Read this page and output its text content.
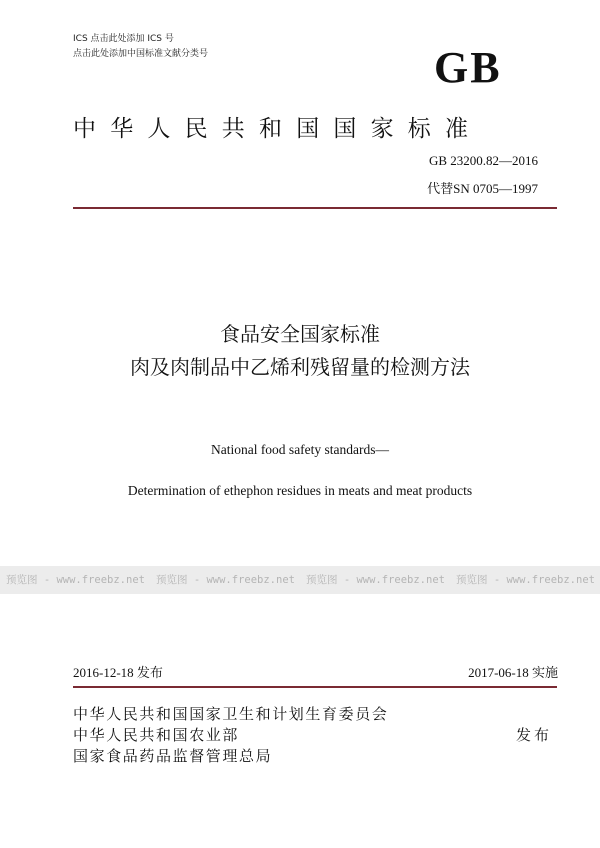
ICS 点击此处添加 ICS 号
点击此处添加中国标准文献分类号	GB
中华人民共和国国家标准
GB 23200.82—2016
代替SN 0705—1997
食品安全国家标准
肉及肉制品中乙烯利残留量的检测方法
National food safety standards—
Determination of ethephon residues in meats and meat products
预览图 - www.freebz.net 预览图 - www.freebz.net 预览图 - www.freebz.net 预览图 - www.freebz.net
2016-12-18 发布	2017-06-18 实施
中华人民共和国国家卫生和计划生育委员会
中华人民共和国农业部
国家食品药品监督管理总局
发布
